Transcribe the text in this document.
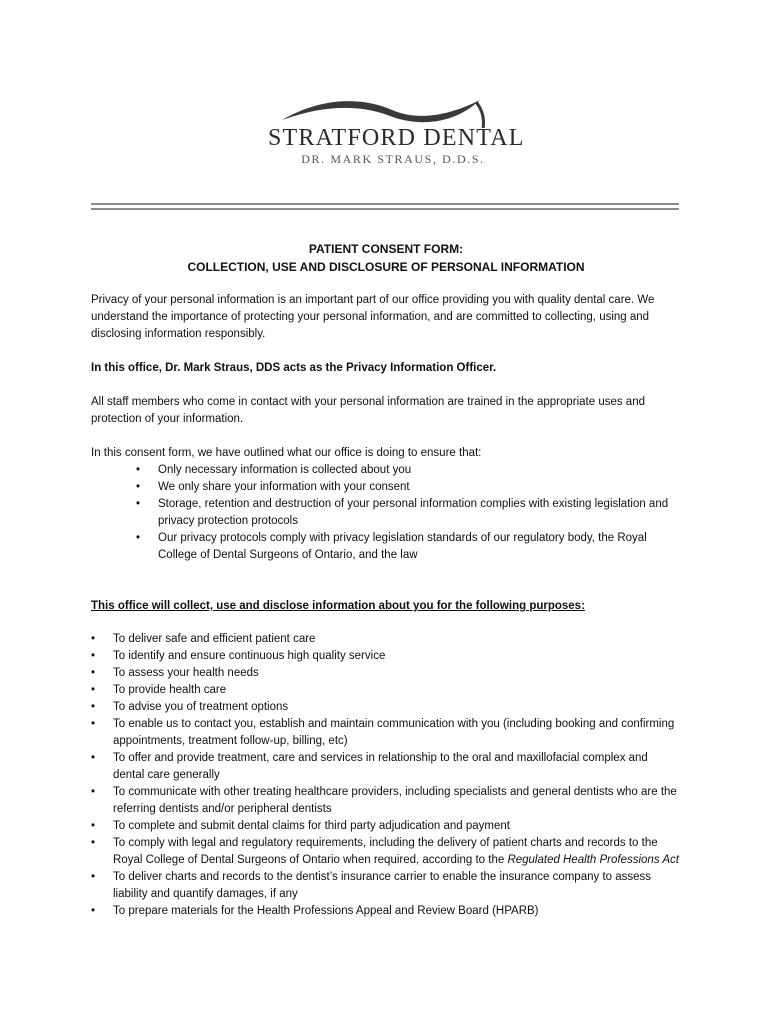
STRATFORD DENTAL
DR. MARK STRAUS, D.D.S.

PATIENT CONSENT FORM:

COLLECTION, USE AND DISCLOSURE OF PERSONAL INFORMATION

Privacy of your personal information is an important part of our office providing you with quality dental care. We understand the importance of protecting your personal information, and are committed to collecting, using and disclosing information responsibly.

In this office, Dr. Mark Straus, DDS acts as the Privacy Information Officer.

All staff members who come in contact with your personal information are trained in the appropriate uses and protection of your information.

In this consent form, we have outlined what our office is doing to ensure that:

• Only necessary information is collected about you
• We only share your information with your consent
• Storage, retention and destruction of your personal information complies with existing legislation and privacy protection protocols
• Our privacy protocols comply with privacy legislation standards of our regulatory body, the Royal College of Dental Surgeons of Ontario, and the law

This office will collect, use and disclose information about you for the following purposes:

• To deliver safe and efficient patient care
• To identify and ensure continuous high quality service
• To assess your health needs
• To provide health care
• To advise you of treatment options
• To enable us to contact you, establish and maintain communication with you (including booking and confirming appointments, treatment follow-up, billing, etc)
• To offer and provide treatment, care and services in relationship to the oral and maxillofacial complex and dental care generally
• To communicate with other treating healthcare providers, including specialists and general dentists who are the referring dentists and/or peripheral dentists
• To complete and submit dental claims for third party adjudication and payment
• To comply with legal and regulatory requirements, including the delivery of patient charts and records to the Royal College of Dental Surgeons of Ontario when required, according to the Regulated Health Professions Act
• To deliver charts and records to the dentist’s insurance carrier to enable the insurance company to assess liability and quantify damages, if any
• To prepare materials for the Health Professions Appeal and Review Board (HPARB)
